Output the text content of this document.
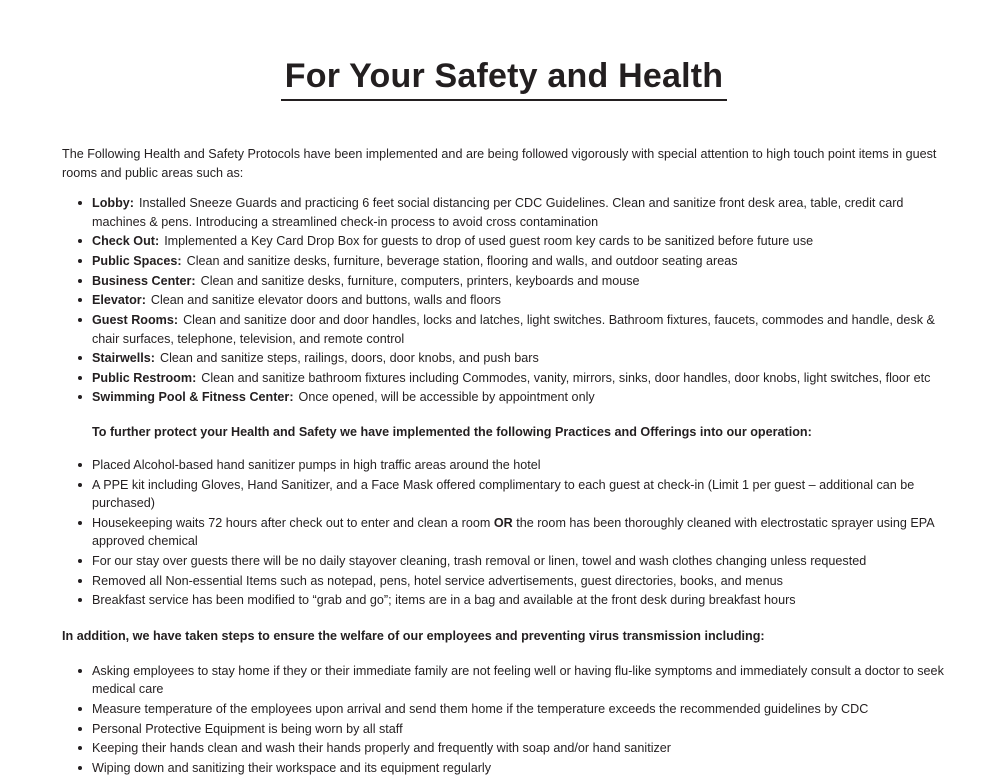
For Your Safety and Health

The Following Health and Safety Protocols have been implemented and are being followed vigorously with special attention to high touch point items in guest rooms and public areas such as:

Lobby: Installed Sneeze Guards and practicing 6 feet social distancing per CDC Guidelines. Clean and sanitize front desk area, table, credit card machines & pens. Introducing a streamlined check-in process to avoid cross contamination
Check Out: Implemented a Key Card Drop Box for guests to drop of used guest room key cards to be sanitized before future use
Public Spaces: Clean and sanitize desks, furniture, beverage station, flooring and walls, and outdoor seating areas
Business Center: Clean and sanitize desks, furniture, computers, printers, keyboards and mouse
Elevator: Clean and sanitize elevator doors and buttons, walls and floors
Guest Rooms: Clean and sanitize door and door handles, locks and latches, light switches. Bathroom fixtures, faucets, commodes and handle, desk & chair surfaces, telephone, television, and remote control
Stairwells: Clean and sanitize steps, railings, doors, door knobs, and push bars
Public Restroom: Clean and sanitize bathroom fixtures including Commodes, vanity, mirrors, sinks, door handles, door knobs, light switches, floor etc
Swimming Pool & Fitness Center: Once opened, will be accessible by appointment only

To further protect your Health and Safety we have implemented the following Practices and Offerings into our operation:

Placed Alcohol-based hand sanitizer pumps in high traffic areas around the hotel
A PPE kit including Gloves, Hand Sanitizer, and a Face Mask offered complimentary to each guest at check-in (Limit 1 per guest – additional can be purchased)
Housekeeping waits 72 hours after check out to enter and clean a room OR the room has been thoroughly cleaned with electrostatic sprayer using EPA approved chemical
For our stay over guests there will be no daily stayover cleaning, trash removal or linen, towel and wash clothes changing unless requested
Removed all Non-essential Items such as notepad, pens, hotel service advertisements, guest directories, books, and menus
Breakfast service has been modified to “grab and go”; items are in a bag and available at the front desk during breakfast hours

In addition, we have taken steps to ensure the welfare of our employees and preventing virus transmission including:

Asking employees to stay home if they or their immediate family are not feeling well or having flu-like symptoms and immediately consult a doctor to seek medical care
Measure temperature of the employees upon arrival and send them home if the temperature exceeds the recommended guidelines by CDC
Personal Protective Equipment is being worn by all staff
Keeping their hands clean and wash their hands properly and frequently with soap and/or hand sanitizer
Wiping down and sanitizing their workspace and its equipment regularly
